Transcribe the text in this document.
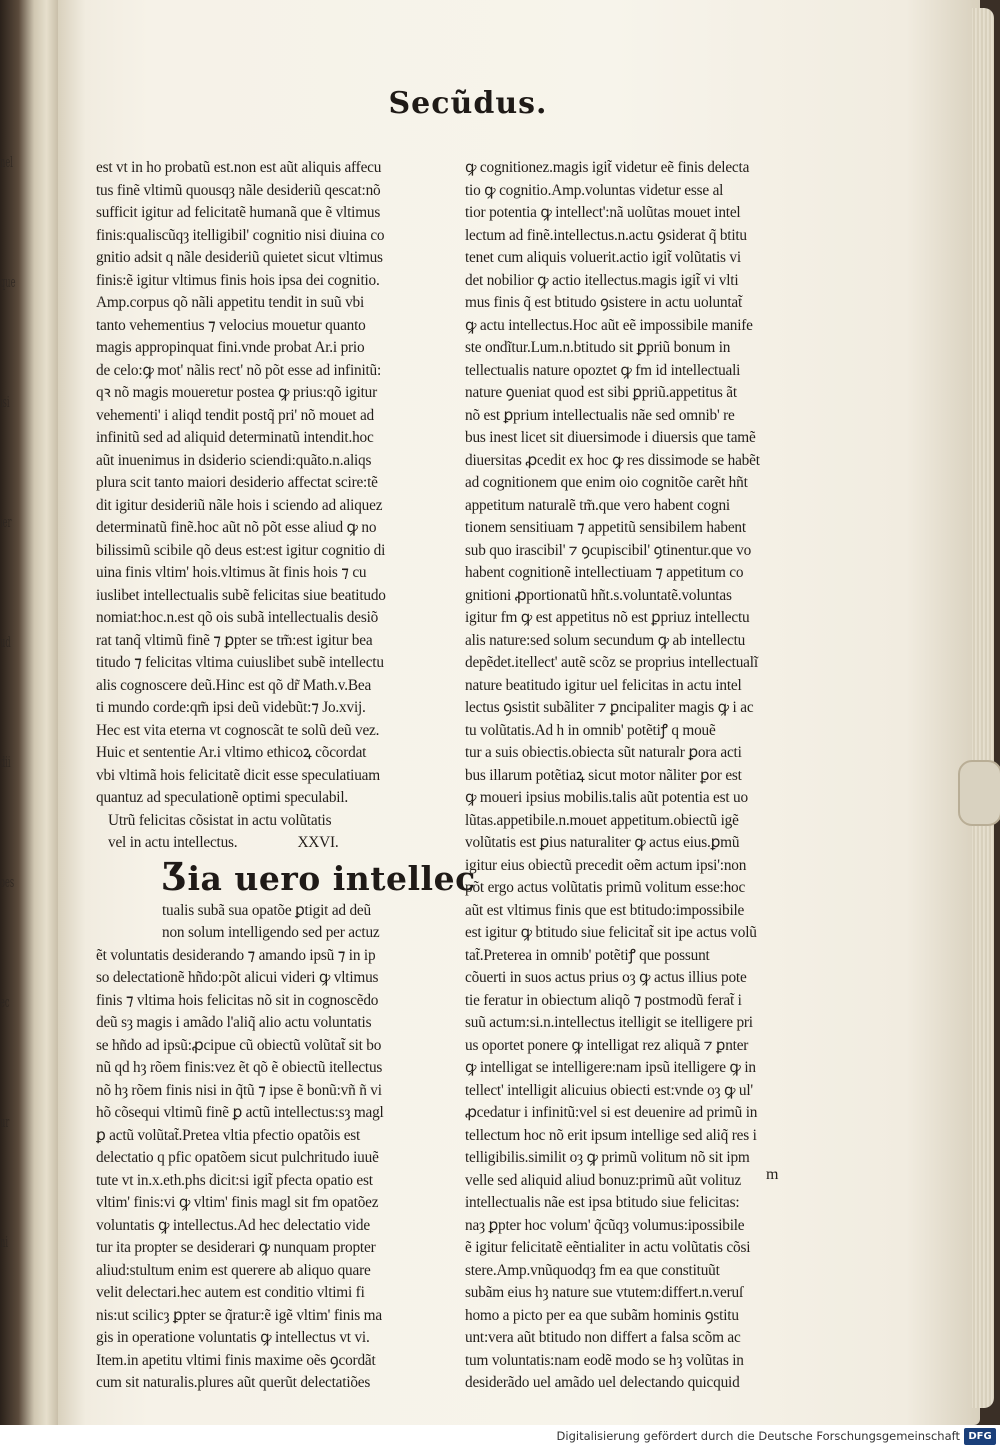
nel
que
isi
ier
ud
dii
oes
ec
ur
ni
Secũdus.
est vt in ho probatũ est.non est aũt aliquis affecu
tus finẽ vltimũ quousqȝ nãle desideriũ qescat:nõ
sufficit igitur ad felicitatẽ humanã que ẽ vltimus
finis:qualiscũqȝ itelligibil' cognitio nisi diuina co
gnitio adsit q nãle desideriũ quietet sicut vltimus
finis:ẽ igitur vltimus finis hois ipsa dei cognitio.
Amp.corpus qõ nãli appetitu tendit in suũ vbi
tanto vehementius ⁊ velocius mouetur quanto
magis appropinquat fini.vnde probat Ar.i prio
de celo:ꝙ mot' nãlis rect' nõ põt esse ad infinitũ:
qꝛ nõ magis moueretur postea ꝙ prius:qõ igitur
vehementi' i aliqd tendit postq̃ pri' nõ mouet ad
infinitũ sed ad aliquid determinatũ intendit.hoc
aũt inuenimus in dsiderio sciendi:quãto.n.aliqs
plura scit tanto maiori desiderio affectat scire:tẽ
dit igitur desideriũ nãle hois i sciendo ad aliquez
determinatũ finẽ.hoc aũt nõ põt esse aliud ꝙ no
bilissimũ scibile qõ deus est:est igitur cognitio di
uina finis vltim' hois.vltimus ãt finis hois ⁊ cu
iuslibet intellectualis subẽ felicitas siue beatitudo
nomiat:hoc.n.est qõ ois subã intellectualis desiõ
rat tanq̃ vltimũ finẽ ⁊ ꝑpter se tm̃:est igitur bea
titudo ⁊ felicitas vltima cuiuslibet subẽ intellectu
alis cognoscere deũ.Hinc est qõ dr̃ Math.v.Bea
ti mundo corde:qm̃ ipsi deũ videbũt:⁊ Jo.xvij.
Hec est vita eterna vt cognoscãt te solũ deũ vez.
Huic et sententie Ar.i vltimo ethicoꝝ cõcordat
vbi vltimã hois felicitatẽ dicit esse speculatiuam
quantuz ad speculationẽ optimi speculabil.
Utrũ felicitas cõsistat in actu volũtatis
vel in actu intellectus.	XXVI.
Ʒia uero intellec
tualis subã sua opatõe ꝑtigit ad deũ
non solum intelligendo sed per actuz
ẽt voluntatis desiderando ⁊ amando ipsũ ⁊ in ip
so delectationẽ hñdo:põt alicui videri ꝙ vltimus
finis ⁊ vltima hois felicitas nõ sit in cognoscẽdo
deũ sȝ magis i amãdo l'aliq̃ alio actu voluntatis
se hñdo ad ipsũ:ꝓcipue cũ obiectũ volũtat̃ sit bo
nũ qd hȝ rõem finis:vez ẽt qõ ẽ obiectũ itellectus
nõ hȝ rõem finis nisi in q̃tũ ⁊ ipse ẽ bonũ:vñ ñ vi
hõ cõsequi vltimũ finẽ ꝑ actũ intellectus:sȝ magl
ꝑ actũ volũtat̃.Pretea vltia pfectio opatõis est
delectatio q pfic opatõem sicut pulchritudo iuuẽ
tute vt in.x.eth.phs dicit:si igit̃ pfecta opatio est
vltim' finis:vi ꝙ vltim' finis magl sit fm opatõez
voluntatis ꝙ intellectus.Ad hec delectatio vide
tur ita propter se desiderari ꝙ nunquam propter
aliud:stultum enim est querere ab aliquo quare
velit delectari.hec autem est conditio vltimi fi
nis:ut scilicȝ ꝑpter se q̃ratur:ẽ igẽ vltim' finis ma
gis in operatione voluntatis ꝙ intellectus vt vi.
Item.in apetitu vltimi finis maxime oẽs ꝯcordãt
cum sit naturalis.plures aũt querũt delectatiões
ꝙ cognitionez.magis igit̃ videtur eẽ finis delecta
tio ꝙ cognitio.Amp.voluntas videtur esse al
tior potentia ꝙ intellect':nã uolũtas mouet intel
lectum ad finẽ.intellectus.n.actu ꝯsiderat q̃ btitu
tenet cum aliquis voluerit.actio igit̃ volũtatis vi
det nobilior ꝙ actio itellectus.magis igit̃ vi vlti
mus finis q̃ est btitudo ꝯsistere in actu uoluntat̃
ꝙ actu intellectus.Hoc aũt eẽ impossibile manife
ste ondĩtur.Lum.n.btitudo sit ꝑpriũ bonum in
tellectualis nature opoztet ꝙ fm id intellectuali
nature ꝯueniat quod est sibi ꝑpriũ.appetitus ãt
nõ est ꝑprium intellectualis nãe sed omnib' re
bus inest licet sit diuersimode i diuersis que tamẽ
diuersitas ꝓcedit ex hoc ꝙ res dissimode se habẽt
ad cognitionem que enim oio cognitõe carẽt hñt
appetitum naturalẽ tm̃.que vero habent cogni
tionem sensitiuam ⁊ appetitũ sensibilem habent
sub quo irascibil' ⁊ ꝯcupiscibil' ꝯtinentur.que vo
habent cognitionẽ intellectiuam ⁊ appetitum co
gnitioni ꝓportionatũ hñt.s.voluntatẽ.voluntas
igitur fm ꝙ est appetitus nõ est ꝑpriuz intellectu
alis nature:sed solum secundum ꝙ ab intellectu
depẽdet.itellect' autẽ scõz se proprius intellectualĩ
nature beatitudo igitur uel felicitas in actu intel
lectus ꝯsistit subãliter ⁊ ꝑncipaliter magis ꝙ i ac
tu volũtatis.Ad h in omnib' potẽtiꝭ q mouẽ
tur a suis obiectis.obiecta sũt naturalr ꝑora acti
bus illarum potẽtiaꝝ sicut motor nãliter ꝑor est
ꝙ moueri ipsius mobilis.talis aũt potentia est uo
lũtas.appetibile.n.mouet appetitum.obiectũ igẽ
volũtatis est ꝑius naturaliter ꝙ actus eius.ꝑmũ
igitur eius obiectũ precedit oẽm actum ipsi':non
põt ergo actus volũtatis primũ volitum esse:hoc
aũt est vltimus finis que est btitudo:impossibile
est igitur ꝙ btitudo siue felicitat̃ sit ipe actus volũ
tat̃.Preterea in omnib' potẽtiꝭ que possunt
cõuerti in suos actus prius oȝ ꝙ actus illius pote
tie feratur in obiectum aliqõ ⁊ postmodũ ferat̃ i
suũ actum:si.n.intellectus itelligit se itelligere pri
us oportet ponere ꝙ intelligat rez aliquã ⁊ ꝑnter
ꝙ intelligat se intelligere:nam ipsũ itelligere ꝙ in
tellect' intelligit alicuius obiecti est:vnde oȝ ꝙ ul'
ꝓcedatur i infinitũ:vel si est deuenire ad primũ in
tellectum hoc nõ erit ipsum intellige sed aliq̃ res i
telligibilis.similit oȝ ꝙ primũ volitum nõ sit ipm
velle sed aliquid aliud bonuz:primũ aũt volituz
intellectualis nãe est ipsa btitudo siue felicitas:
naȝ ꝑpter hoc volum' q̃cũqȝ volumus:ipossibile
ẽ igitur felicitatẽ eẽntialiter in actu volũtatis cõsi
stere.Amp.vnũquodqȝ fm ea que constituũt
subãm eius hȝ nature sue vtutem:differt.n.veruſ
homo a picto per ea que subãm hominis ꝯstitu
unt:vera aũt btitudo non differt a falsa scõm ac
tum voluntatis:nam eodẽ modo se hȝ volũtas in
desiderãdo uel amãdo uel delectando quicquid
m
Digitalisierung gefördert durch die Deutsche Forschungsgemeinschaft DFG
